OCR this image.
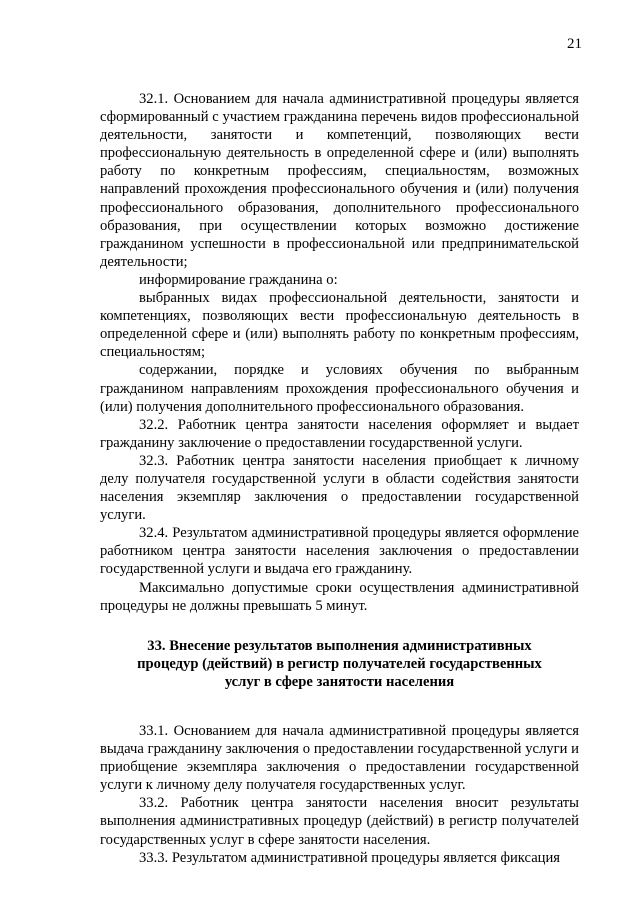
21

32.1. Основанием для начала административной процедуры является сформированный с участием гражданина перечень видов профессиональной деятельности, занятости и компетенций, позволяющих вести профессиональную деятельность в определенной сфере и (или) выполнять работу по конкретным профессиям, специальностям, возможных направлений прохождения профессионального обучения и (или) получения профессионального образования, дополнительного профессионального образования, при осуществлении которых возможно достижение гражданином успешности в профессиональной или предпринимательской деятельности;

информирование гражданина о:

выбранных видах профессиональной деятельности, занятости и компетенциях, позволяющих вести профессиональную деятельность в определенной сфере и (или) выполнять работу по конкретным профессиям, специальностям;

содержании, порядке и условиях обучения по выбранным гражданином направлениям прохождения профессионального обучения и (или) получения дополнительного профессионального образования.

32.2. Работник центра занятости населения оформляет и выдает гражданину заключение о предоставлении государственной услуги.

32.3. Работник центра занятости населения приобщает к личному делу получателя государственной услуги в области содействия занятости населения экземпляр заключения о предоставлении государственной услуги.

32.4. Результатом административной процедуры является оформление работником центра занятости населения заключения о предоставлении государственной услуги и выдача его гражданину.

Максимально допустимые сроки осуществления административной процедуры не должны превышать 5 минут.

33. Внесение результатов выполнения административных
процедур (действий) в регистр получателей государственных
услуг в сфере занятости населения

33.1. Основанием для начала административной процедуры является выдача гражданину заключения о предоставлении государственной услуги и приобщение экземпляра заключения о предоставлении государственной услуги к личному делу получателя государственных услуг.

33.2. Работник центра занятости населения вносит результаты выполнения административных процедур (действий) в регистр получателей государственных услуг в сфере занятости населения.

33.3. Результатом административной процедуры является фиксация
